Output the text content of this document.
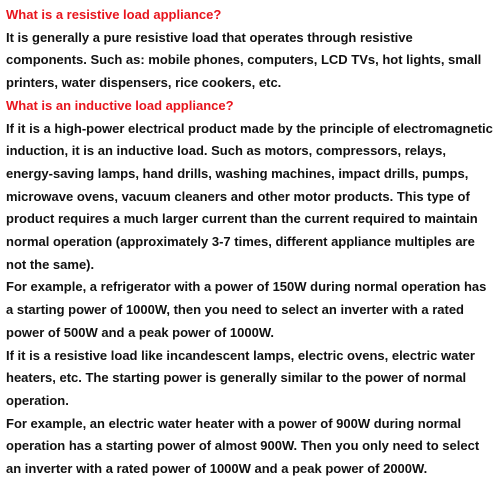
What is a resistive load appliance?

It is generally a pure resistive load that operates through resistive components. Such as: mobile phones, computers, LCD TVs, hot lights, small printers, water dispensers, rice cookers, etc.

What is an inductive load appliance?

If it is a high-power electrical product made by the principle of electromagnetic induction, it is an inductive load. Such as motors, compressors, relays, energy-saving lamps, hand drills, washing machines, impact drills, pumps, microwave ovens, vacuum cleaners and other motor products. This type of product requires a much larger current than the current required to maintain normal operation (approximately 3-7 times, different appliance multiples are not the same).

For example, a refrigerator with a power of 150W during normal operation has a starting power of 1000W, then you need to select an inverter with a rated power of 500W and a peak power of 1000W.

If it is a resistive load like incandescent lamps, electric ovens, electric water heaters, etc. The starting power is generally similar to the power of normal operation.

For example, an electric water heater with a power of 900W during normal operation has a starting power of almost 900W. Then you only need to select an inverter with a rated power of 1000W and a peak power of 2000W.
